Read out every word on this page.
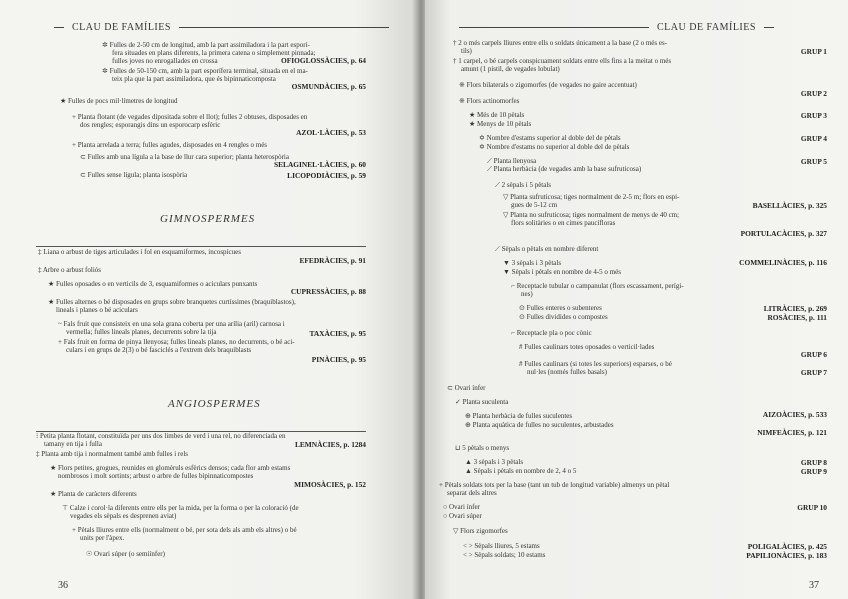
CLAU DE FAMÍLIES
✲ Fulles de 2-50 cm de longitud, amb la part assimiladora i la part esporí-
fera situades en plans diferents, la primera catena o simplement pinnada;
fulles joves no enrogallades en crossa
✲ Fulles de 50-150 cm, amb la part esporífera terminal, situada en el ma-
teix pla que la part assimiladora, que és bipinnaticompostа
★ Fulles de pocs mil·límetres de longitud
+ Planta flotant (de vegades dipositada sobre el llot); fulles 2 obtuses, disposades en
dos rengles; esporangis dins un esporocarp esfèric
+ Planta arrelada a terra; fulles agudes, disposades en 4 rengles o més
⊂ Fulles amb una lígula a la base de llur cara superior; planta heterospòria
⊂ Fulles sense lígula; planta isospòria
‡ Liana o arbust de tiges articulades i fol en esquamiformes, incospícues
‡ Arbre o arbust foliós
★ Fulles oposades o en verticils de 3, esquamiformes o aciculars punxants
★ Fulles alternes o bé disposades en grups sobre branquetes curtíssimes (braquiblastos),
lineals i planes o bé aciculars
~ Fals fruit que consisteix en una sola grana coberta per una arília (aril) carnosa i
vermella; fulles lineals planes, decurrents sobre la tija
+ Fals fruit en forma de pinya llenyosa; fulles lineals planes, no decurrents, o bé aci-
culars i en grups de 2(3) o bé fasciclés a l'extrem dels braquiblasts
⁝ Petita planta flotant, constituïda per uns dos limbes de verd i una rel, no diferenciada en
tamany en tija i fulla
‡ Planta amb tija i normalment també amb fulles i rels
★ Flors petites, grogues, reunides en glomèruls esfèrics densos; cada flor amb estams
nombrosos i molt sortints; arbust o arbre de fulles bipinnaticompostes
★ Planta de caràcters diferents
⊤ Calze i corol·la diferents entre ells per la mida, per la forma o per la coloració (de
vegades els sèpals es desprenen aviat)
+ Pètals lliures entre ells (normalment o bé, per sota dels als amb els altres) o bé
units per l'àpex.
☉ Ovari súper (o semiínfer)
OFIOGLOSSÀCIES, p. 64
OSMUNDÀCIES, p. 65
AZOL·LÀCIES, p. 53
SELAGINEL·LÀCIES, p. 60
LICOPODIÀCIES, p. 59
EFEDRÀCIES, p. 91
CUPRESSÀCIES, p. 88
TAXÀCIES, p. 95
PINÀCIES, p. 95
LEMNÀCIES, p. 1284
MIMOSÀCIES, p. 152
GIMNOSPERMES
ANGIOSPERMES
36
CLAU DE FAMÍLIES
† 2 o més carpels lliures entre ells o soldats únicament a la base (2 o més es-
tils)
† 1 carpel, o bé carpels conspicuament soldats entre ells fins a la meitat o més
amunt (1 pistil, de vegades lobulat)
※ Flors bilaterals o zigomorfes (de vegades no gaire accentuat)
※ Flors actinomorfes
★ Més de 10 pètals
★ Menys de 10 pètals
✡ Nombre d'estams superior al doble del de pètals
✡ Nombre d'estams no superior al doble del de pètals
⟋ Planta llenyosa
⟋ Planta herbàcia (de vegades amb la base sufruticosa)
⟋ 2 sèpals i 5 pètals
▽ Planta sufruticosa; tiges normalment de 2-5 m; flors en espi-
gues de 5-12 cm
▽ Planta no sufruticosa; tiges normalment de menys de 40 cm;
flors solitàries o en cimes paucífloras
⟋ Sèpals o pètals en nombre diferent
▼ 3 sèpals i 3 pètals
▼ Sèpals i pètals en nombre de 4-5 o més
⌐ Receptacle tubular o campanulat (flors escassament, perígi-
nes)
⊙ Fulles enteres o subenteres
⊙ Fulles dividides o compostes
⌐ Receptacle pla o poc cònic
# Fulles caulinars totes oposades o verticil·lades
# Fulles caulinars (si totes les superiors) esparses, o bé
nul·les (només fulles basals)
⊂ Ovari ínfer
✓ Planta suculenta
⊕ Planta herbàcia de fulles suculentes
⊕ Planta aquàtica de fulles no suculentes, arbustades
⊔ 5 pètals o menys
▲ 3 sèpals i 3 pètals
▲ Sèpals i pètals en nombre de 2, 4 o 5
+ Pètals soldats tots per la base (tant un tub de longitud variable) almenys un pètal
separat dels altres
○ Ovari ínfer
○ Ovari súper
▽ Flors zigomorfes
< > Sèpals lliures, 5 estams
< > Sèpals soldats; 10 estams
GRUP 1
GRUP 2
GRUP 3
GRUP 4
GRUP 5
BASELLÀCIES, p. 325
PORTULACÀCIES, p. 327
COMMELINÀCIES, p. 116
LITRÀCIES, p. 269
ROSÀCIES, p. 111
GRUP 6
GRUP 7
AIZOÀCIES, p. 533
NIMFEÀCIES, p. 121
GRUP 8
GRUP 9
GRUP 10
POLIGALÀCIES, p. 425
PAPILIONÀCIES, p. 183
37
